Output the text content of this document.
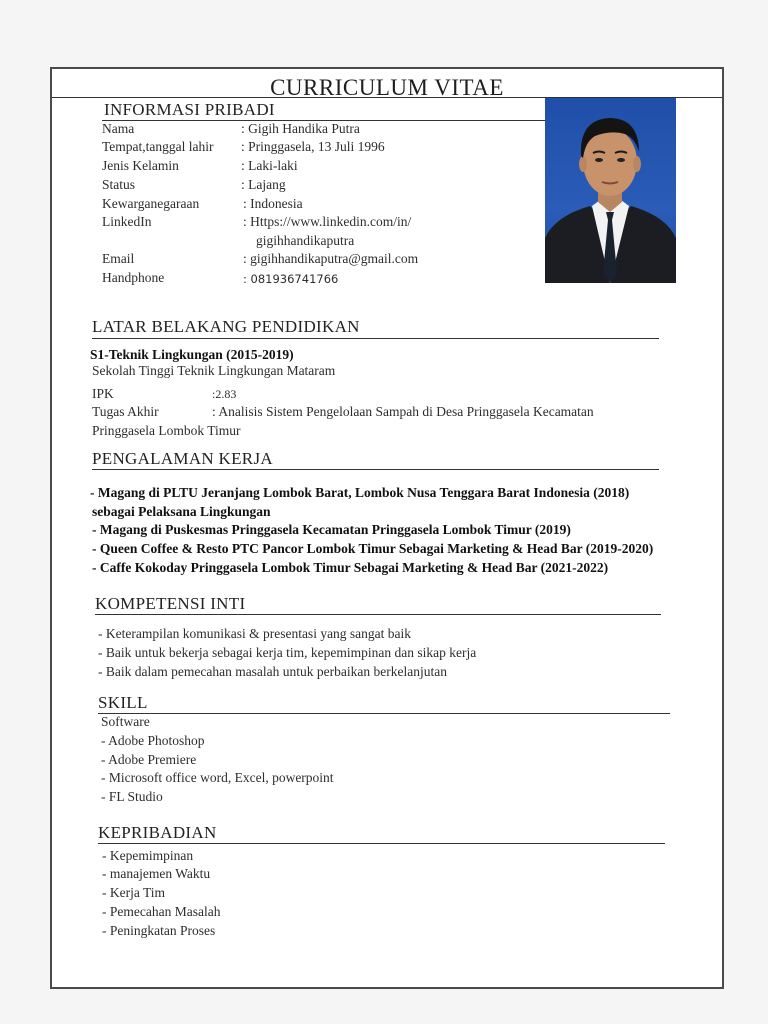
CURRICULUM VITAE
INFORMASI PRIBADI
Nama	: Gigih Handika Putra
Tempat,tanggal lahir : Pringgasela, 13 Juli 1996
Jenis Kelamin	: Laki-laki
Status	: Lajang
Kewarganegaraan	: Indonesia
LinkedIn	: Https://www.linkedin.com/in/
gigihhandikaputra
Email	: gigihhandikaputra@gmail.com
Handphone	: 081936741766
LATAR BELAKANG PENDIDIKAN
S1-Teknik Lingkungan (2015-2019)
Sekolah Tinggi Teknik Lingkungan Mataram
IPK	:2.83
Tugas Akhir	: Analisis Sistem Pengelolaan Sampah di Desa Pringgasela Kecamatan
Pringgasela Lombok Timur
PENGALAMAN KERJA
- Magang di PLTU Jeranjang Lombok Barat, Lombok Nusa Tenggara Barat Indonesia (2018)
sebagai Pelaksana Lingkungan
- Magang di Puskesmas Pringgasela Kecamatan Pringgasela Lombok Timur (2019)
- Queen Coffee & Resto PTC Pancor Lombok Timur Sebagai Marketing & Head Bar (2019-2020)
- Caffe Kokoday Pringgasela Lombok Timur Sebagai Marketing & Head Bar (2021-2022)
KOMPETENSI INTI
- Keterampilan komunikasi & presentasi yang sangat baik
- Baik untuk bekerja sebagai kerja tim, kepemimpinan dan sikap kerja
- Baik dalam pemecahan masalah untuk perbaikan berkelanjutan
SKILL
Software
- Adobe Photoshop
- Adobe Premiere
- Microsoft office word, Excel, powerpoint
- FL Studio
KEPRIBADIAN
- Kepemimpinan
- manajemen Waktu
- Kerja Tim
- Pemecahan Masalah
- Peningkatan Proses
